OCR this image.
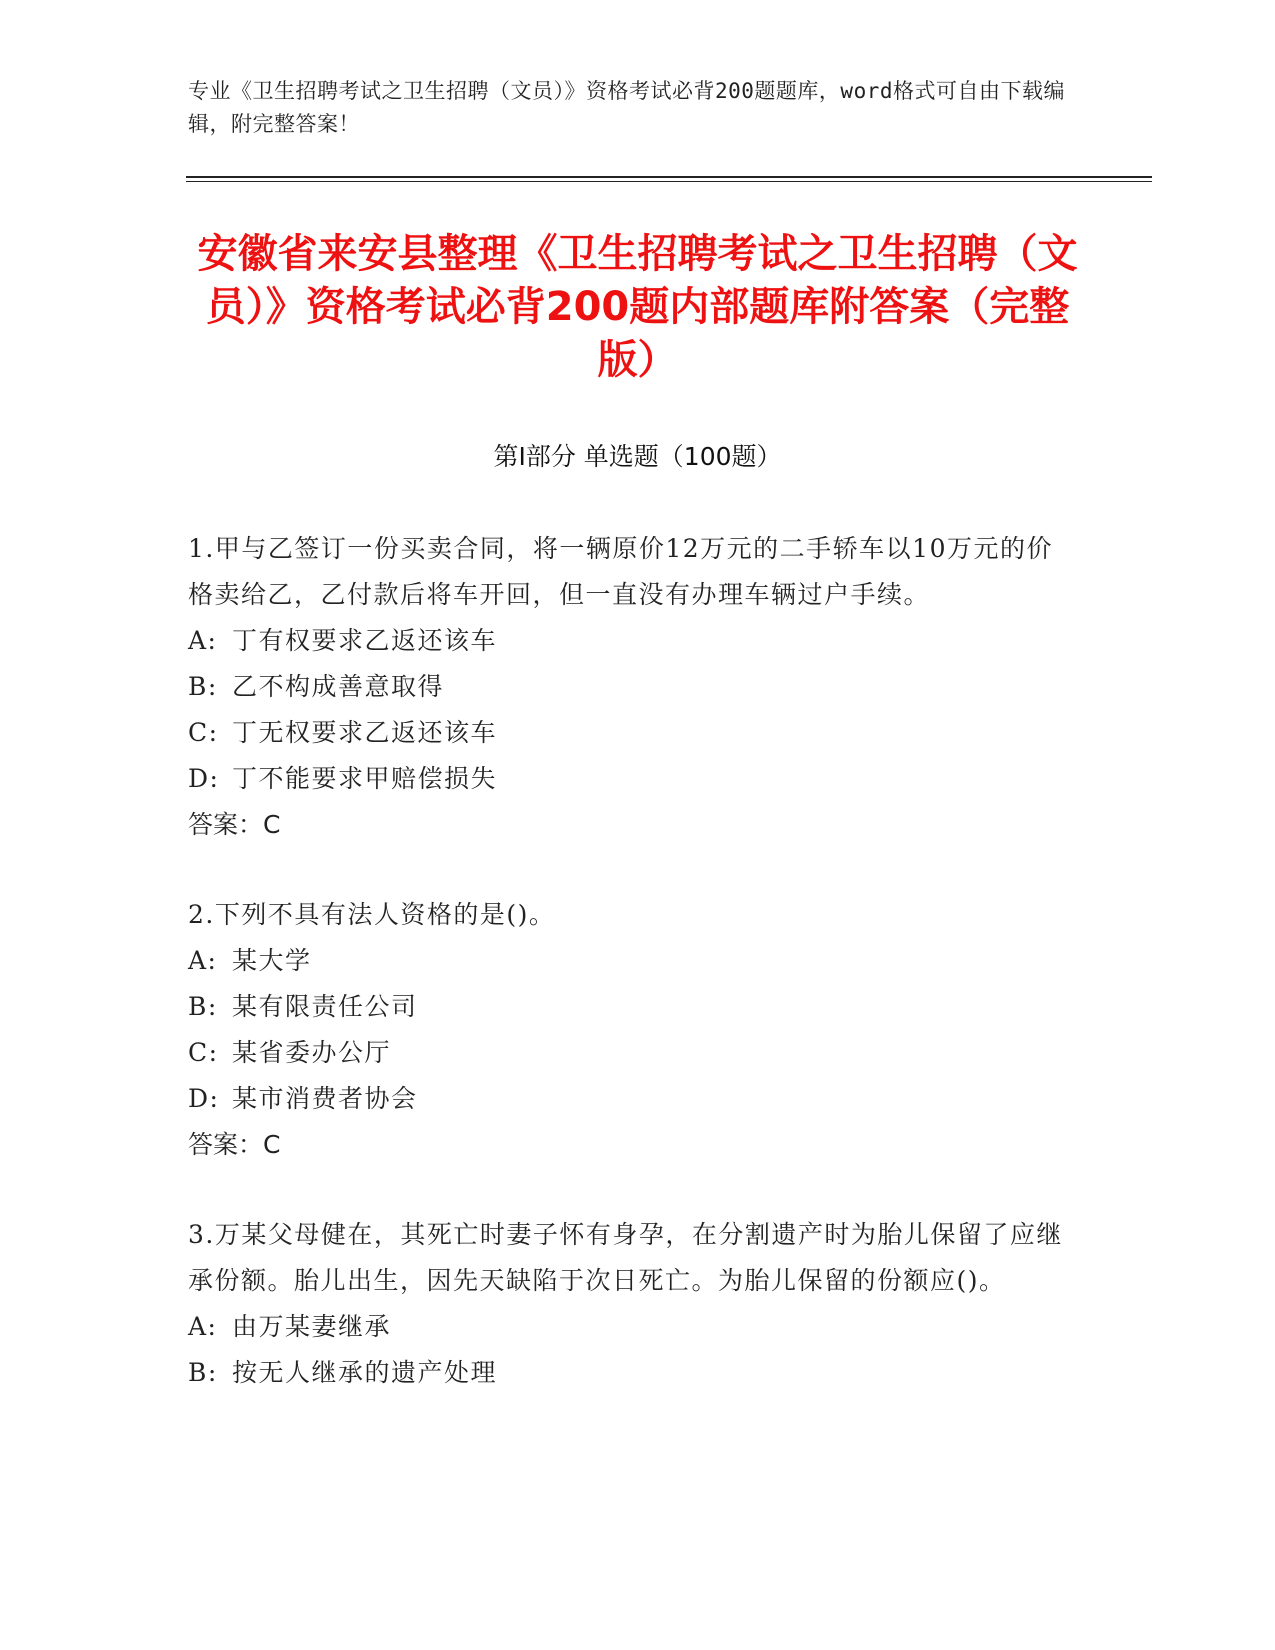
专业《卫生招聘考试之卫生招聘（文员）》资格考试必背200题题库，word格式可自由下载编辑，附完整答案！
安徽省来安县整理《卫生招聘考试之卫生招聘（文员）》资格考试必背200题内部题库附答案（完整版）
第Ⅰ部分 单选题（100题）
1.甲与乙签订一份买卖合同，将一辆原价12万元的二手轿车以10万元的价格卖给乙，乙付款后将车开回，但一直没有办理车辆过户手续。
A: 丁有权要求乙返还该车
B: 乙不构成善意取得
C: 丁无权要求乙返还该车
D: 丁不能要求甲赔偿损失
答案：C
2.下列不具有法人资格的是()。
A: 某大学
B: 某有限责任公司
C: 某省委办公厅
D: 某市消费者协会
答案：C
3.万某父母健在，其死亡时妻子怀有身孕，在分割遗产时为胎儿保留了应继承份额。胎儿出生，因先天缺陷于次日死亡。为胎儿保留的份额应()。
A: 由万某妻继承
B: 按无人继承的遗产处理
